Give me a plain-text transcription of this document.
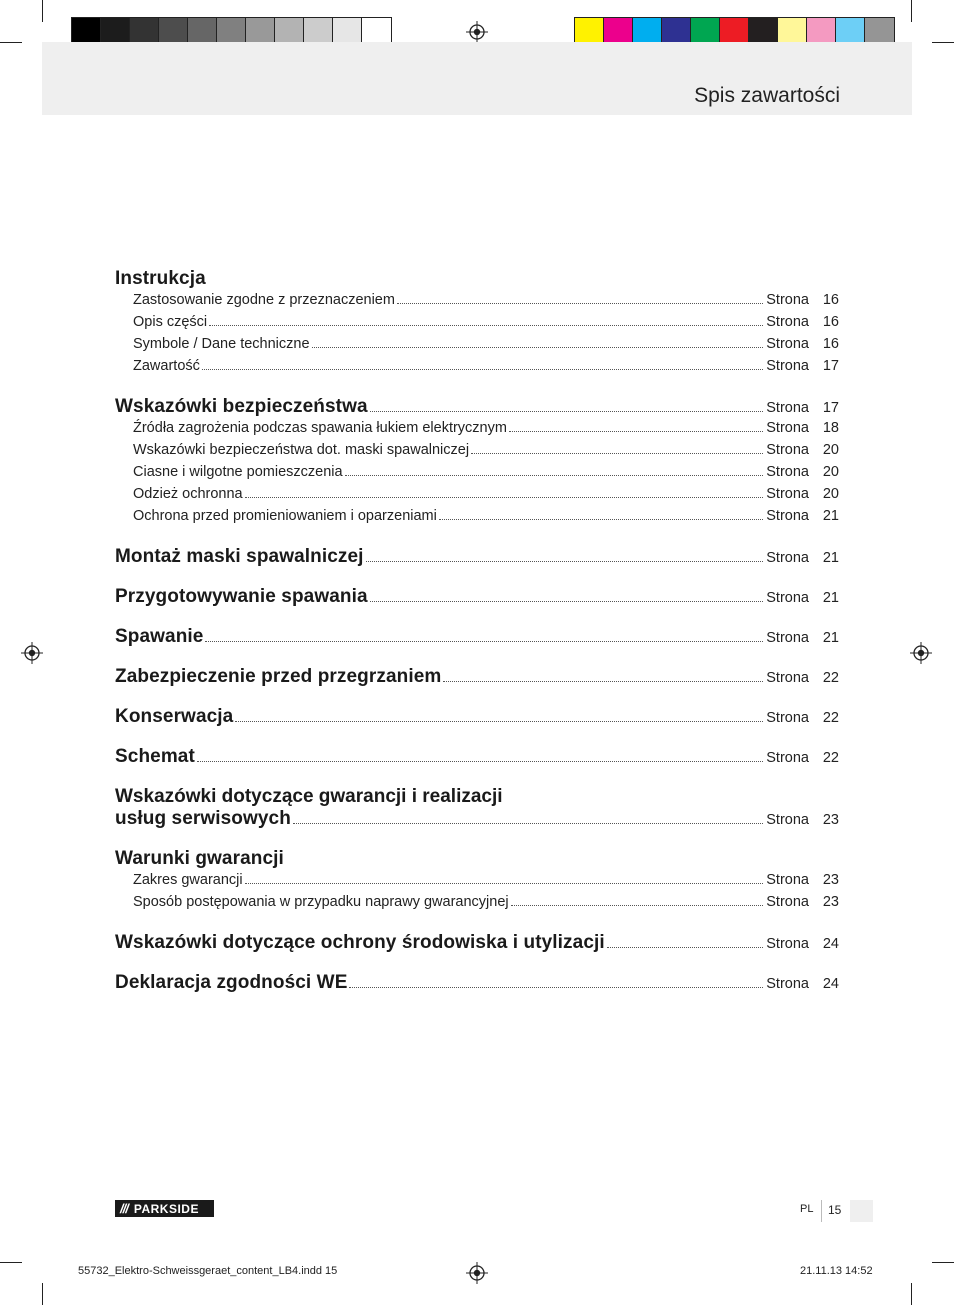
Spis zawartości
Instrukcja
Zastosowanie zgodne z przeznaczeniem	Strona 16
Opis części	Strona 16
Symbole / Dane techniczne	Strona 16
Zawartość	Strona 17
Wskazówki bezpieczeństwa	Strona 17
Źródła zagrożenia podczas spawania łukiem elektrycznym	Strona 18
Wskazówki bezpieczeństwa dot. maski spawalniczej	Strona 20
Ciasne i wilgotne pomieszczenia	Strona 20
Odzież ochronna	Strona 20
Ochrona przed promieniowaniem i oparzeniami	Strona 21
Montaż maski spawalniczej	Strona 21
Przygotowywanie spawania	Strona 21
Spawanie	Strona 21
Zabezpieczenie przed przegrzaniem	Strona 22
Konserwacja	Strona 22
Schemat	Strona 22
Wskazówki dotyczące gwarancji i realizacji
usług serwisowych	Strona 23
Warunki gwarancji
Zakres gwarancji	Strona 23
Sposób postępowania w przypadku naprawy gwarancyjnej	Strona 23
Wskazówki dotyczące ochrony środowiska i utylizacji	Strona 24
Deklaracja zgodności WE	Strona 24
/// PARKSIDE	PL 15
55732_Elektro-Schweissgeraet_content_LB4.indd 15	21.11.13 14:52
